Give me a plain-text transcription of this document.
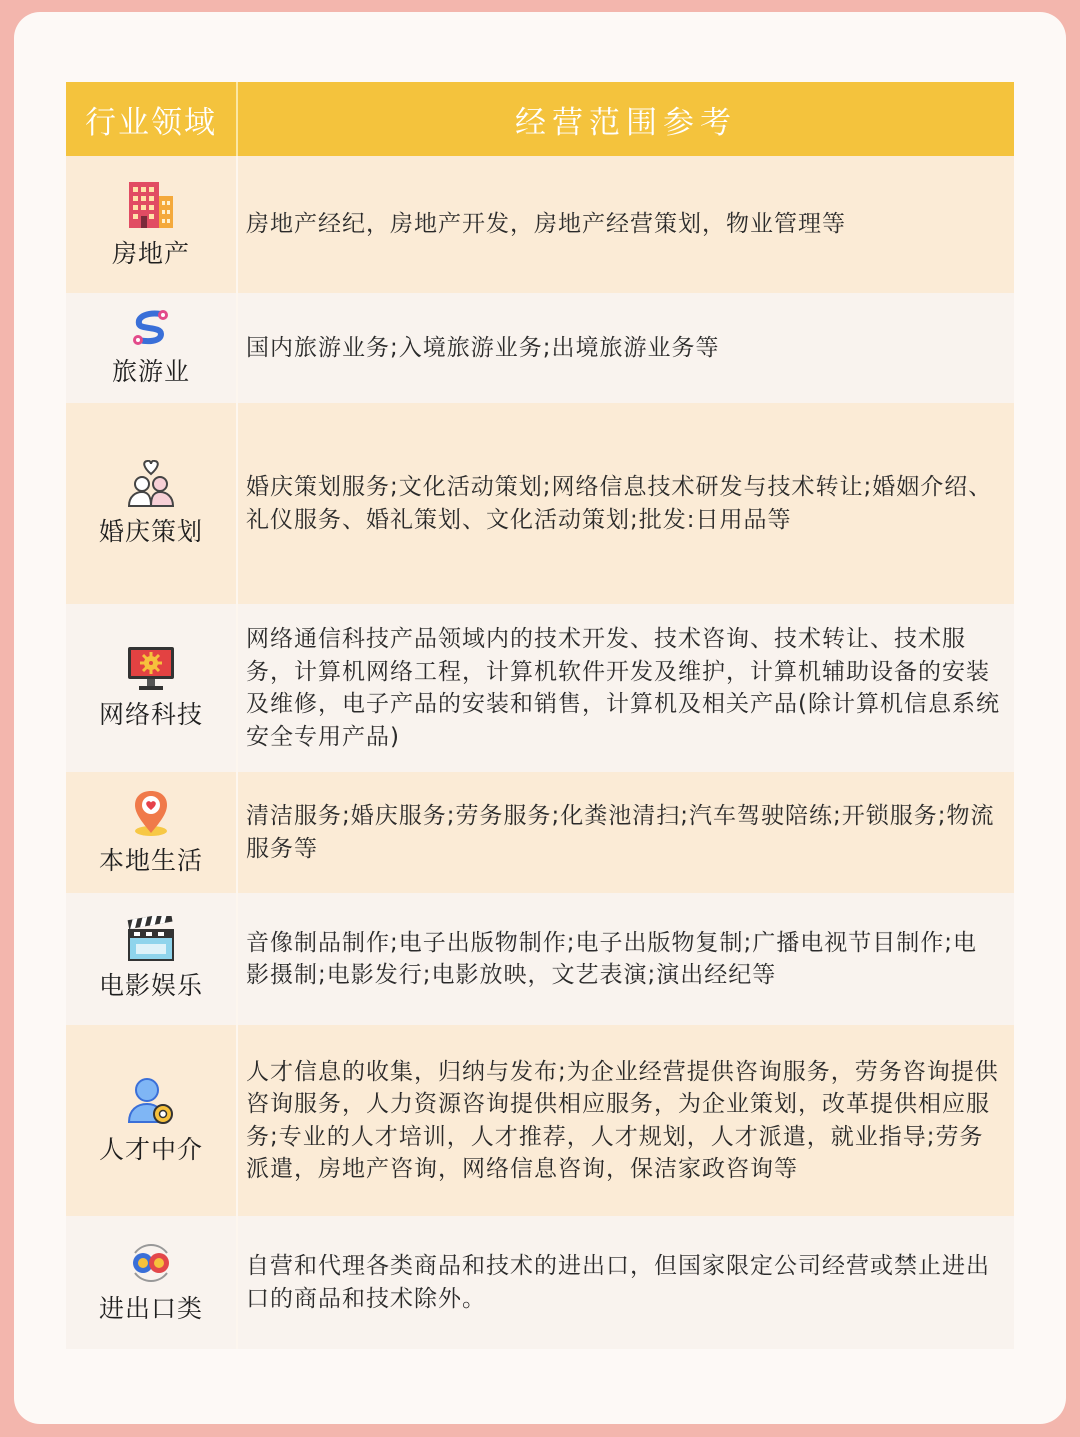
行业领域	经营范围参考
房地产
房地产经纪，房地产开发，房地产经营策划，物业管理等
旅游业
国内旅游业务;入境旅游业务;出境旅游业务等
婚庆策划
婚庆策划服务;文化活动策划;网络信息技术研发与技术转让;婚姻介绍、礼仪服务、婚礼策划、文化活动策划;批发:日用品等
网络科技
网络通信科技产品领域内的技术开发、技术咨询、技术转让、技术服务，计算机网络工程，计算机软件开发及维护，计算机辅助设备的安装及维修，电子产品的安装和销售，计算机及相关产品(除计算机信息系统安全专用产品)
本地生活
清洁服务;婚庆服务;劳务服务;化粪池清扫;汽车驾驶陪练;开锁服务;物流服务等
电影娱乐
音像制品制作;电子出版物制作;电子出版物复制;广播电视节目制作;电影摄制;电影发行;电影放映，文艺表演;演出经纪等
人才中介
人才信息的收集，归纳与发布;为企业经营提供咨询服务，劳务咨询提供咨询服务，人力资源咨询提供相应服务，为企业策划，改革提供相应服务;专业的人才培训，人才推荐，人才规划，人才派遣，就业指导;劳务派遣，房地产咨询，网络信息咨询，保洁家政咨询等
进出口类
自营和代理各类商品和技术的进出口，但国家限定公司经营或禁止进出口的商品和技术除外。
